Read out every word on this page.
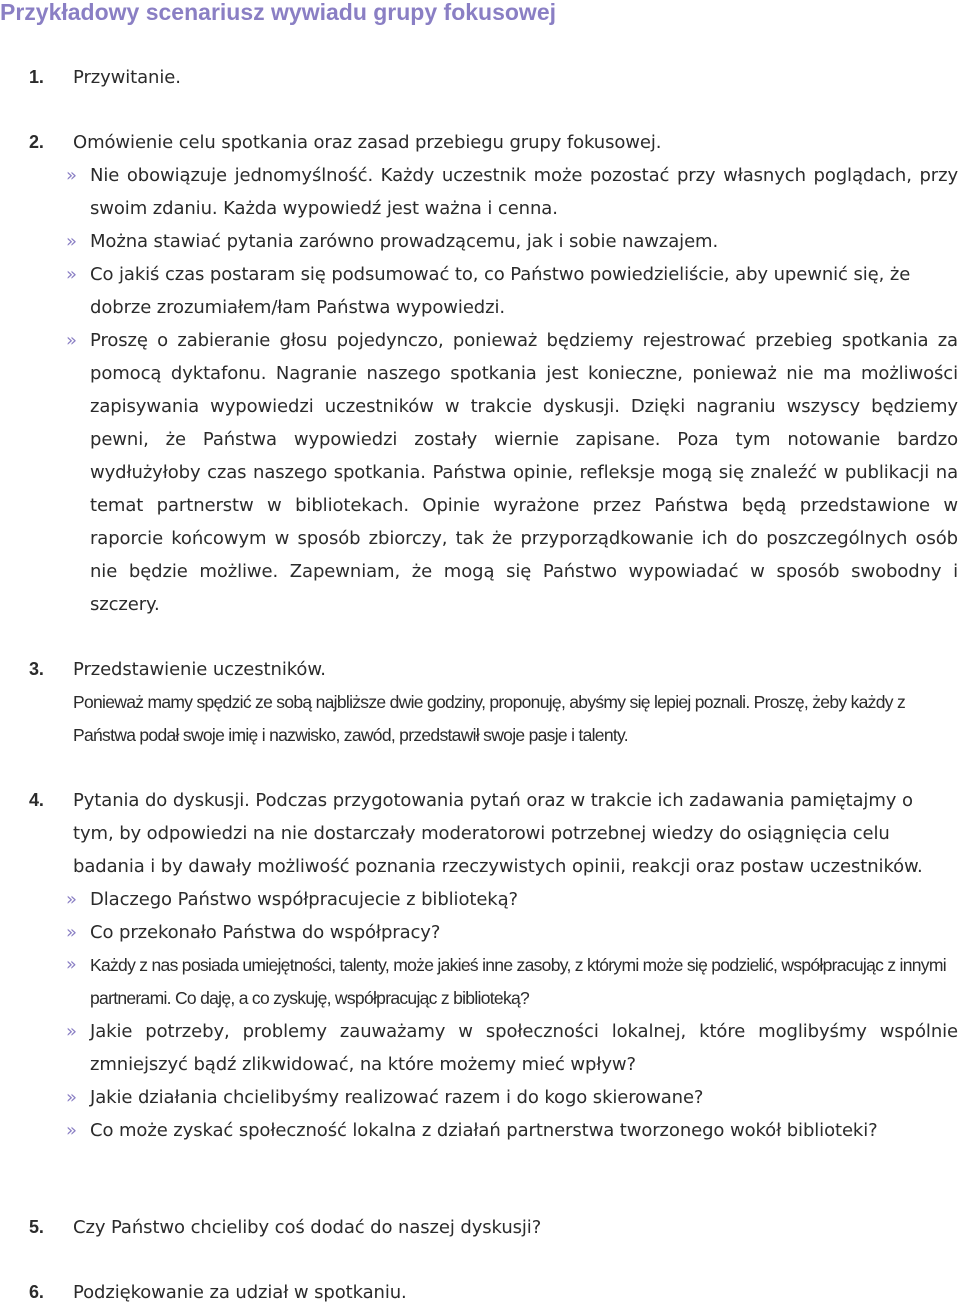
Przykładowy scenariusz wywiadu grupy fokusowej
1.	Przywitanie.
2.	Omówienie celu spotkania oraz zasad przebiegu grupy fokusowej.
» Nie obowiązuje jednomyślność. Każdy uczestnik może pozostać przy własnych poglądach, przy swoim zdaniu. Każda wypowiedź jest ważna i cenna.
» Można stawiać pytania zarówno prowadzącemu, jak i sobie nawzajem.
» Co jakiś czas postaram się podsumować to, co Państwo powiedzieliście, aby upewnić się, że dobrze zrozumiałem/łam Państwa wypowiedzi.
» Proszę o zabieranie głosu pojedynczo, ponieważ będziemy rejestrować przebieg spotkania za pomocą dyktafonu. Nagranie naszego spotkania jest konieczne, ponieważ nie ma możliwości zapisywania wypowiedzi uczestników w trakcie dyskusji. Dzięki nagraniu wszyscy będziemy pewni, że Państwa wypowiedzi zostały wiernie zapisane. Poza tym notowanie bardzo wydłużyłoby czas naszego spotkania. Państwa opinie, refleksje mogą się znaleźć w publikacji na temat partnerstw w bibliotekach. Opinie wyrażone przez Państwa będą przedstawione w raporcie końcowym w sposób zbiorczy, tak że przyporządkowanie ich do poszczególnych osób nie będzie możliwe. Zapewniam, że mogą się Państwo wypowiadać w sposób swobodny i szczery.
3.	Przedstawienie uczestników.
Ponieważ mamy spędzić ze sobą najbliższe dwie godziny, proponuję, abyśmy się lepiej poznali. Proszę, żeby każdy z Państwa podał swoje imię i nazwisko, zawód, przedstawił swoje pasje i talenty.
4.	Pytania do dyskusji. Podczas przygotowania pytań oraz w trakcie ich zadawania pamiętajmy o tym, by odpowiedzi na nie dostarczały moderatorowi potrzebnej wiedzy do osiągnięcia celu badania i by dawały możliwość poznania rzeczywistych opinii, reakcji oraz postaw uczestników.
» Dlaczego Państwo współpracujecie z biblioteką?
» Co przekonało Państwa do współpracy?
» Każdy z nas posiada umiejętności, talenty, może jakieś inne zasoby, z którymi może się podzielić, współpracując z innymi partnerami. Co daję, a co zyskuję, współpracując z biblioteką?
» Jakie potrzeby, problemy zauważamy w społeczności lokalnej, które moglibyśmy wspólnie zmniejszyć bądź zlikwidować, na które możemy mieć wpływ?
» Jakie działania chcielibyśmy realizować razem i do kogo skierowane?
» Co może zyskać społeczność lokalna z działań partnerstwa tworzonego wokół biblioteki?
5.	Czy Państwo chcieliby coś dodać do naszej dyskusji?
6.	Podziękowanie za udział w spotkaniu.
